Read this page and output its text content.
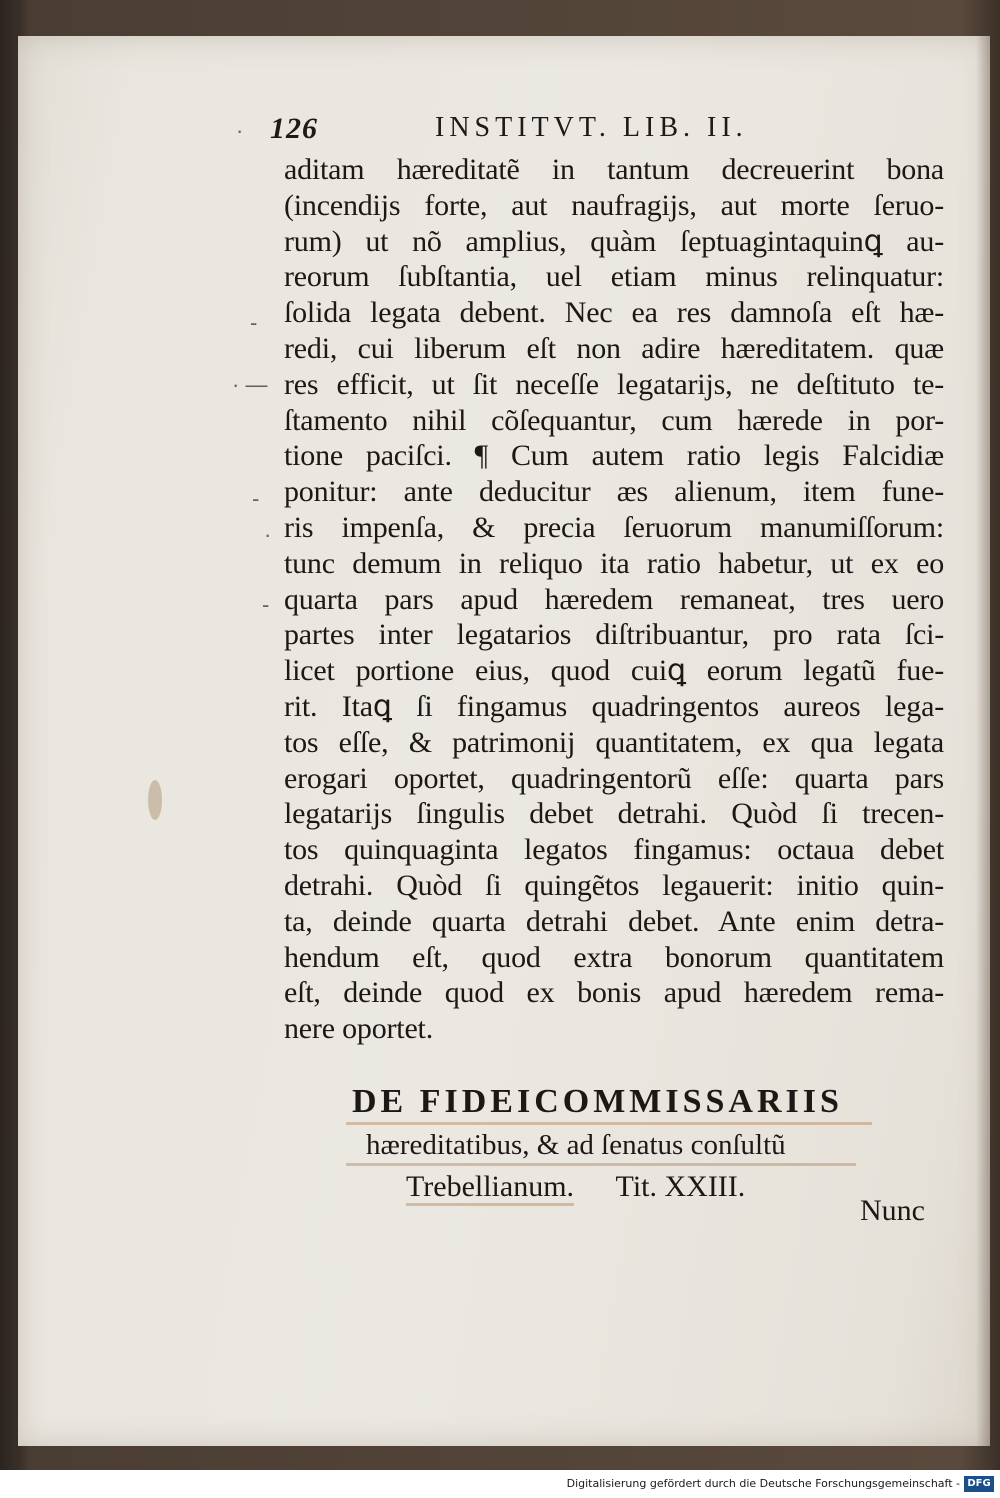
·
-
· —
-
·
-
126	INSTITVT. LIB. II.
aditam hæreditatẽ in tantum decreuerint bona
(incendĳs forte, aut naufragĳs, aut morte ſeruo-
rum) ut nõ amplius, quàm ſeptuagintaquinꝗ au-
reorum ſubſtantia, uel etiam minus relinquatur:
ſolida legata debent. Nec ea res damnoſa eſt hæ-
redi, cui liberum eſt non adire hæreditatem. quæ
res efficit, ut ſit neceſſe legatarĳs, ne deſtituto te-
ſtamento nihil cõſequantur, cum hærede in por-
tione paciſci. ¶ Cum autem ratio legis Falcidiæ
ponitur: ante deducitur æs alienum, item fune-
ris impenſa, & precia ſeruorum manumiſſorum:
tunc demum in reliquo ita ratio habetur, ut ex eo
quarta pars apud hæredem remaneat, tres uero
partes inter legatarios diſtribuantur, pro rata ſci-
licet portione eius, quod cuiꝗ eorum legatũ fue-
rit. Itaꝗ ſi fingamus quadringentos aureos lega-
tos eſſe, & patrimonĳ quantitatem, ex qua legata
erogari oportet, quadringentorũ eſſe: quarta pars
legatarĳs ſingulis debet detrahi. Quòd ſi trecen-
tos quinquaginta legatos fingamus: octaua debet
detrahi. Quòd ſi quingẽtos legauerit: initio quin-
ta, deinde quarta detrahi debet. Ante enim detra-
hendum eſt, quod extra bonorum quantitatem
eſt, deinde quod ex bonis apud hæredem rema-
nere oportet.
DE FIDEICOMMISSARIIS
hæreditatibus, & ad ſenatus conſultũ
Trebellianum. Tit. XXIII.
Nunc
Digitalisierung gefördert durch die Deutsche Forschungsgemeinschaft - DFG
